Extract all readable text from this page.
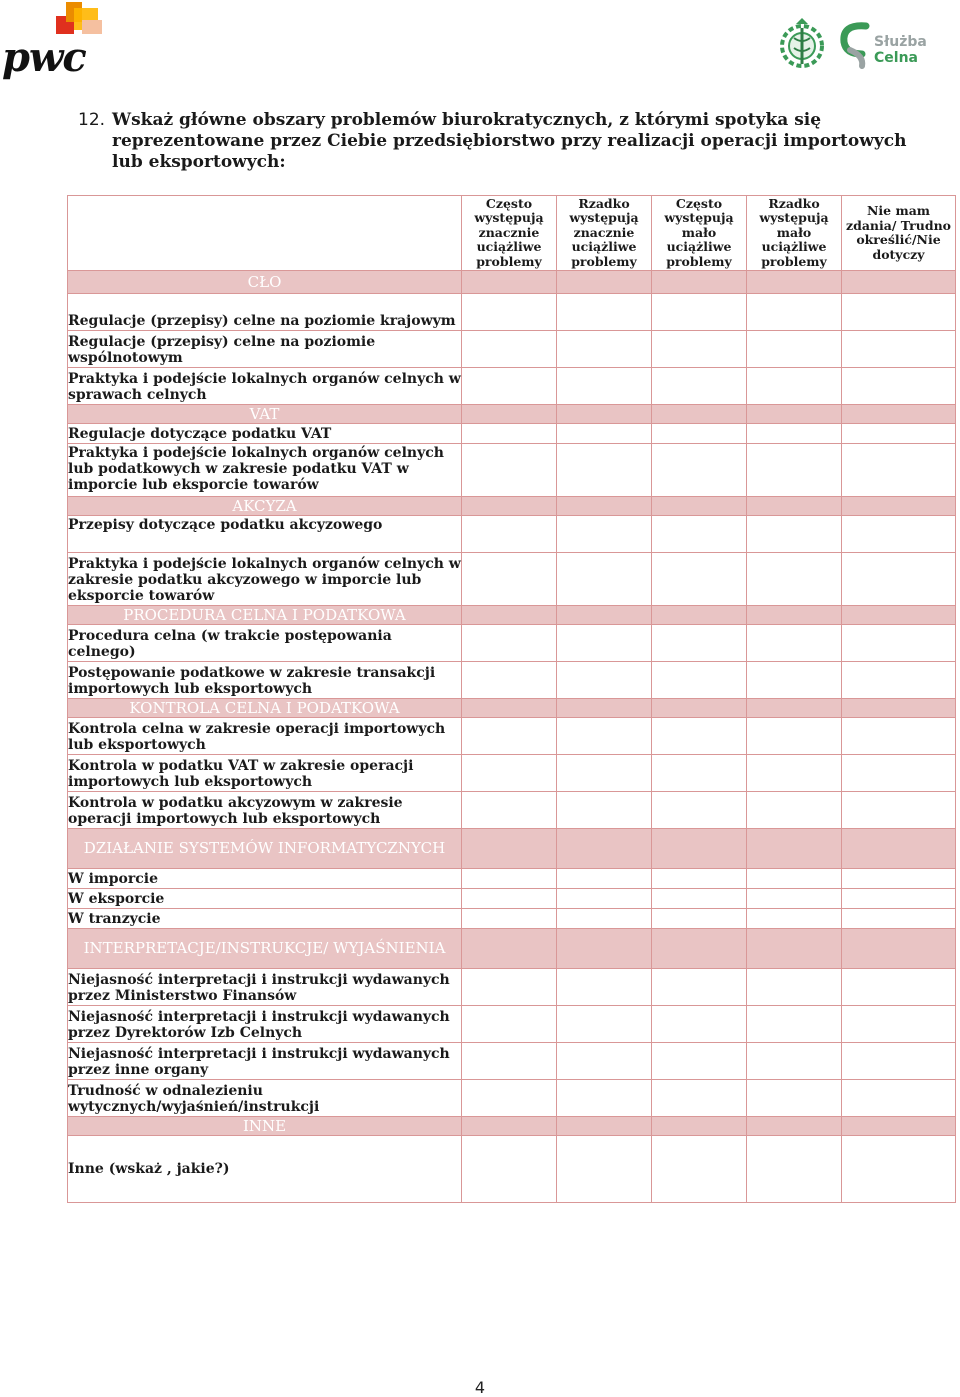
pwc	Służba
Celna
12. Wskaż główne obszary problemów biurokratycznych, z którymi spotyka się reprezentowane przez Ciebie przedsiębiorstwo przy realizacji operacji importowych lub eksportowych:
	Często występują znacznie uciążliwe problemy	Rzadko występują znacznie uciążliwe problemy	Często występują mało uciążliwe problemy	Rzadko występują mało uciążliwe problemy	Nie mam zdania/ Trudno określić/Nie dotyczy
CŁO					
Regulacje (przepisy) celne na poziomie krajowym					
Regulacje (przepisy) celne na poziomie wspólnotowym					
Praktyka i podejście lokalnych organów celnych w sprawach celnych					
VAT					
Regulacje dotyczące podatku VAT					
Praktyka i podejście lokalnych organów celnych lub podatkowych w zakresie podatku VAT w imporcie lub eksporcie towarów					
AKCYZA					
Przepisy dotyczące podatku akcyzowego					
Praktyka i podejście lokalnych organów celnych w zakresie podatku akcyzowego w imporcie lub eksporcie towarów					
PROCEDURA CELNA I PODATKOWA					
Procedura celna (w trakcie postępowania celnego)					
Postępowanie podatkowe w zakresie transakcji importowych lub eksportowych					
KONTROLA CELNA I PODATKOWA					
Kontrola celna w zakresie operacji importowych lub eksportowych					
Kontrola w podatku VAT w zakresie operacji importowych lub eksportowych					
Kontrola w podatku akcyzowym w zakresie operacji importowych lub eksportowych					
DZIAŁANIE SYSTEMÓW INFORMATYCZNYCH					
W imporcie					
W eksporcie					
W tranzycie					
INTERPRETACJE/INSTRUKCJE/ WYJAŚNIENIA					
Niejasność interpretacji i instrukcji wydawanych przez Ministerstwo Finansów					
Niejasność interpretacji i instrukcji wydawanych przez Dyrektorów Izb Celnych					
Niejasność interpretacji i instrukcji wydawanych przez inne organy					
Trudność w odnalezieniu wytycznych/wyjaśnień/instrukcji					
INNE					
Inne (wskaż , jakie?)					
4
